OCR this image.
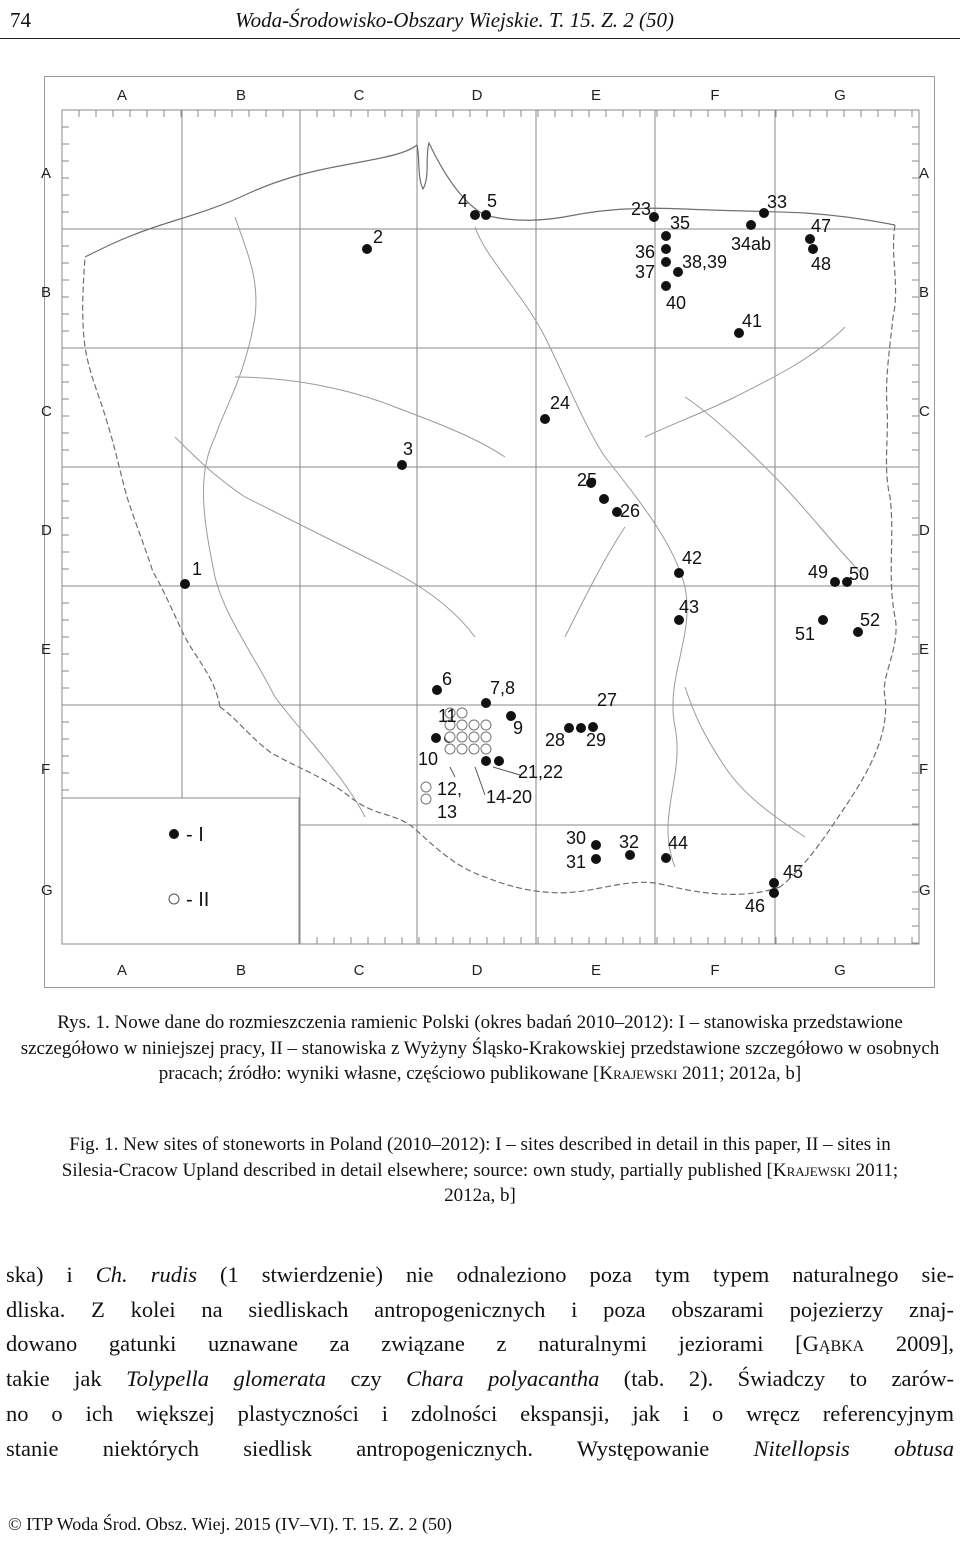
74	Woda-Środowisko-Obszary Wiejskie. T. 15. Z. 2 (50)
A
A
B
B
C
C
D
D
E
E
F
F
G
G
A	A
B	B
C	C
D	D
E	E
F	F
G	G
1
2
3
4 5
6 7,8
9
10
11
12,
13
14-20
21,22
23
24
25
26
27
28 29
30
31
32
33
34ab
35
36
37 38,39
40
41
42
43
44
45
46
47
48
49 50
51
52
- I
- II
Rys. 1. Nowe dane do rozmieszczenia ramienic Polski (okres badań 2010–2012): I – stanowiska przedstawione szczegółowo w niniejszej pracy, II – stanowiska z Wyżyny Śląsko-Krakowskiej przedstawione szczegółowo w osobnych pracach; źródło: wyniki własne, częściowo publikowane [Krajewski 2011; 2012a, b]
Fig. 1. New sites of stoneworts in Poland (2010–2012): I – sites described in detail in this paper, II – sites in Silesia-Cracow Upland described in detail elsewhere; source: own study, partially published [Krajewski 2011; 2012a, b]
ska) i Ch. rudis (1 stwierdzenie) nie odnaleziono poza tym typem naturalnego sie-
dliska. Z kolei na siedliskach antropogenicznych i poza obszarami pojezierzy znaj-
dowano gatunki uznawane za związane z naturalnymi jeziorami [Gąbka 2009],
takie jak Tolypella glomerata czy Chara polyacantha (tab. 2). Świadczy to zarów-
no o ich większej plastyczności i zdolności ekspansji, jak i o wręcz referencyjnym
stanie niektórych siedlisk antropogenicznych. Występowanie Nitellopsis obtusa
© ITP Woda Środ. Obsz. Wiej. 2015 (IV–VI). T. 15. Z. 2 (50)
